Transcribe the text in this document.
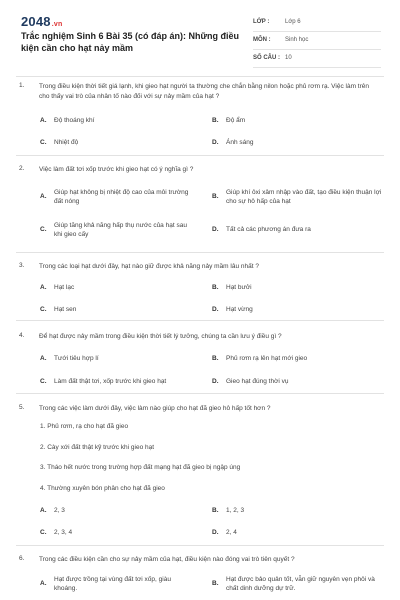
2048.vn
Trắc nghiệm Sinh 6 Bài 35 (có đáp án): Những điều kiện cần cho hạt nảy mầm
LỚP :	Lớp 6
MÔN : Sinh học
SỐ CÂU : 10
1. Trong điều kiện thời tiết giá lạnh, khi gieo hạt người ta thường che chắn bằng nilon hoặc phủ rơm rạ. Việc làm trên cho thấy vai trò của nhân tố nào đối với sự nảy mầm của hạt ?
A. Độ thoáng khí	B. Độ ẩm
C. Nhiệt độ	D. Ánh sáng
2. Việc làm đất tơi xốp trước khi gieo hạt có ý nghĩa gì ?
A.
Giúp hạt không bị nhiệt độ cao của môi trường đất nóng
B.
Giúp khí ôxi xâm nhập vào đất, tạo điều kiện thuận lợi cho sự hô hấp của hạt
C.
Giúp tăng khả năng hấp thụ nước của hạt sau khi gieo cấy
D. Tất cả các phương án đưa ra
3. Trong các loại hạt dưới đây, hạt nào giữ được khả năng nảy mầm lâu nhất ?
A. Hạt lạc	B. Hạt bưởi
C. Hạt sen	D. Hạt vừng
4. Để hạt được nảy mầm trong điều kiện thời tiết lý tưởng, chúng ta cần lưu ý điều gì ?
A. Tưới tiêu hợp lí	B. Phủ rơm rạ lên hạt mới gieo
C. Làm đất thật tơi, xốp trước khi gieo hạt	D. Gieo hạt đúng thời vụ
5. Trong các việc làm dưới đây, việc làm nào giúp cho hạt đã gieo hô hấp tốt hơn ?
1. Phủ rơm, rạ cho hạt đã gieo
2. Cày xới đất thật kỹ trước khi gieo hạt
3. Tháo hết nước trong trường hợp đất mạng hạt đã gieo bị ngập úng
4. Thường xuyên bón phân cho hạt đã gieo
A. 2, 3	B. 1, 2, 3
C. 2, 3, 4	D. 2, 4
6. Trong các điều kiện cần cho sự nảy mầm của hạt, điều kiện nào đóng vai trò tiên quyết ?
A.
Hạt được trồng tại vùng đất tơi xốp, giàu khoáng.
B.
Hạt được bảo quản tốt, vẫn giữ nguyên vẹn phôi và chất dinh dưỡng dự trữ.
